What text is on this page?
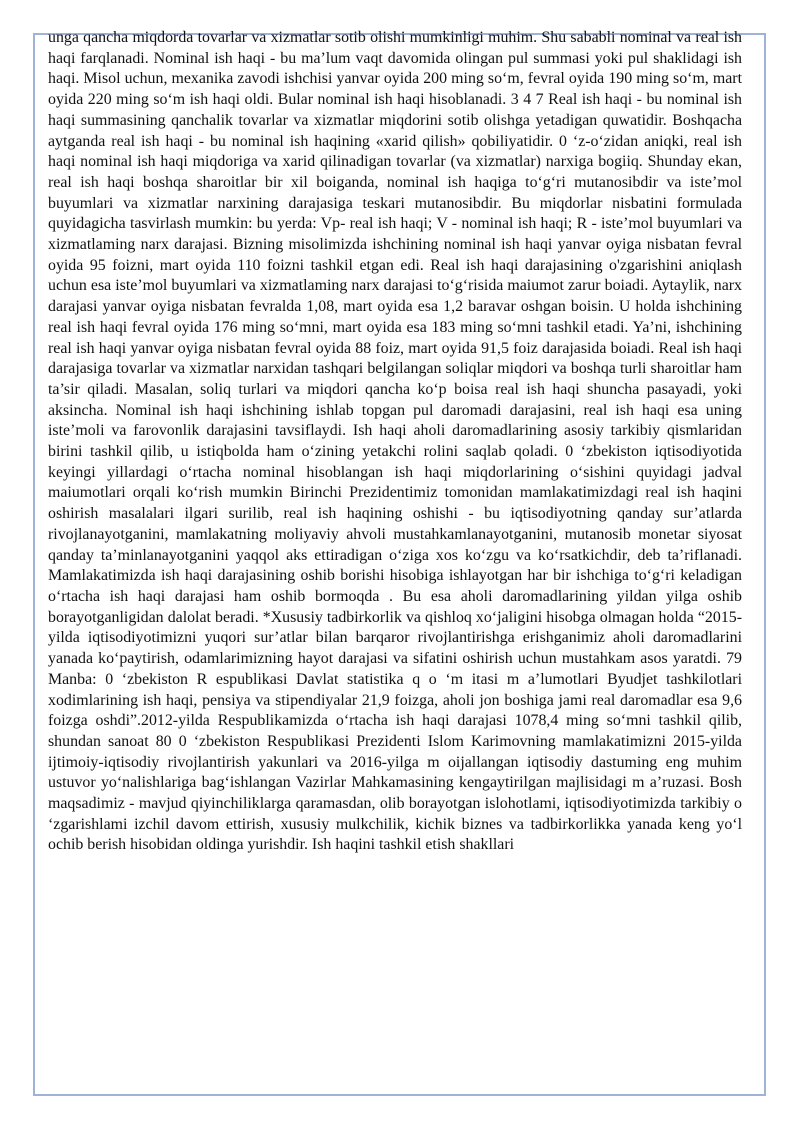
unga qancha miqdorda tovarlar va xizmatlar sotib olishi mumkinligi muhim. Shu sababli nominal va real ish haqi farqlanadi. Nominal ish haqi - bu ma’lum vaqt davomida olingan pul summasi yoki pul shaklidagi ish haqi. Misol uchun, mexanika zavodi ishchisi yanvar oyida 200 ming so‘m, fevral oyida 190 ming so‘m, mart oyida 220 ming so‘m ish haqi oldi. Bular nominal ish haqi hisoblanadi. 3 4 7 Real ish haqi - bu nominal ish haqi summasining qanchalik tovarlar va xizmatlar miqdorini sotib olishga yetadigan quwatidir. Boshqacha aytganda real ish haqi - bu nominal ish haqining «xarid qilish» qobiliyatidir. 0 ‘z-o‘zidan aniqki, real ish haqi nominal ish haqi miqdoriga va xarid qilinadigan tovarlar (va xizmatlar) narxiga bogiiq. Shunday ekan, real ish haqi boshqa sharoitlar bir xil boiganda, nominal ish haqiga to‘g‘ri mutanosibdir va iste’mol buyumlari va xizmatlar narxining darajasiga teskari mutanosibdir. Bu miqdorlar nisbatini formulada quyidagicha tasvirlash mumkin: bu yerda: Vp- real ish haqi; V - nominal ish haqi; R - iste’mol buyumlari va xizmatlaming narx darajasi. Bizning misolimizda ishchining nominal ish haqi yanvar oyiga nisbatan fevral oyida 95 foizni, mart oyida 110 foizni tashkil etgan edi. Real ish haqi darajasining o'zgarishini aniqlash uchun esa iste’mol buyumlari va xizmatlaming narx darajasi to‘g‘risida maiumot zarur boiadi. Aytaylik, narx darajasi yanvar oyiga nisbatan fevralda 1,08, mart oyida esa 1,2 baravar oshgan boisin. U holda ishchining real ish haqi fevral oyida 176 ming so‘mni, mart oyida esa 183 ming so‘mni tashkil etadi. Ya’ni, ishchining real ish haqi yanvar oyiga nisbatan fevral oyida 88 foiz, mart oyida 91,5 foiz darajasida boiadi. Real ish haqi darajasiga tovarlar va xizmatlar narxidan tashqari belgilangan soliqlar miqdori va boshqa turli sharoitlar ham ta’sir qiladi. Masalan, soliq turlari va miqdori qancha ko‘p boisa real ish haqi shuncha pasayadi, yoki aksincha. Nominal ish haqi ishchining ishlab topgan pul daromadi darajasini, real ish haqi esa uning iste’moli va farovonlik darajasini tavsiflaydi. Ish haqi aholi daromadlarining asosiy tarkibiy qismlaridan birini tashkil qilib, u istiqbolda ham o‘zining yetakchi rolini saqlab qoladi. 0 ‘zbekiston iqtisodiyotida keyingi yillardagi o‘rtacha nominal hisoblangan ish haqi miqdorlarining o‘sishini quyidagi jadval maiumotlari orqali ko‘rish mumkin Birinchi Prezidentimiz tomonidan mamlakatimizdagi real ish haqini oshirish masalalari ilgari surilib, real ish haqining oshishi - bu iqtisodiyotning qanday sur’atlarda rivojlanayotganini, mamlakatning moliyaviy ahvoli mustahkamlanayotganini, mutanosib monetar siyosat qanday ta’minlanayotganini yaqqol aks ettiradigan o‘ziga xos ko‘zgu va ko‘rsatkichdir, deb ta’riflanadi. Mamlakatimizda ish haqi darajasining oshib borishi hisobiga ishlayotgan har bir ishchiga to‘g‘ri keladigan o‘rtacha ish haqi darajasi ham oshib bormoqda . Bu esa aholi daromadlarining yildan yilga oshib borayotganligidan dalolat beradi. *Xususiy tadbirkorlik va qishloq xo‘jaligini hisobga olmagan holda “2015-yilda iqtisodiyotimizni yuqori sur’atlar bilan barqaror rivojlantirishga erishganimiz aholi daromadlarini yanada ko‘paytirish, odamlarimizning hayot darajasi va sifatini oshirish uchun mustahkam asos yaratdi. 79 Manba: 0 ‘zbekiston R espublikasi Davlat statistika q o ‘m itasi m a’lumotlari Byudjet tashkilotlari xodimlarining ish haqi, pensiya va stipendiyalar 21,9 foizga, aholi jon boshiga jami real daromadlar esa 9,6 foizga oshdi”.2012-yilda Respublikamizda o‘rtacha ish haqi darajasi 1078,4 ming so‘mni tashkil qilib, shundan sanoat 80 0 ‘zbekiston Respublikasi Prezidenti Islom Karimovning mamlakatimizni 2015-yilda ijtimoiy-iqtisodiy rivojlantirish yakunlari va 2016-yilga m oijallangan iqtisodiy dastuming eng muhim ustuvor yo‘nalishlariga bag‘ishlangan Vazirlar Mahkamasining kengaytirilgan majlisidagi m a’ruzasi. Bosh maqsadimiz - mavjud qiyinchiliklarga qaramasdan, olib borayotgan islohotlami, iqtisodiyotimizda tarkibiy o ‘zgarishlami izchil davom ettirish, xususiy mulkchilik, kichik biznes va tadbirkorlikka yanada keng yo‘l ochib berish hisobidan oldinga yurishdir. Ish haqini tashkil etish shakllari
